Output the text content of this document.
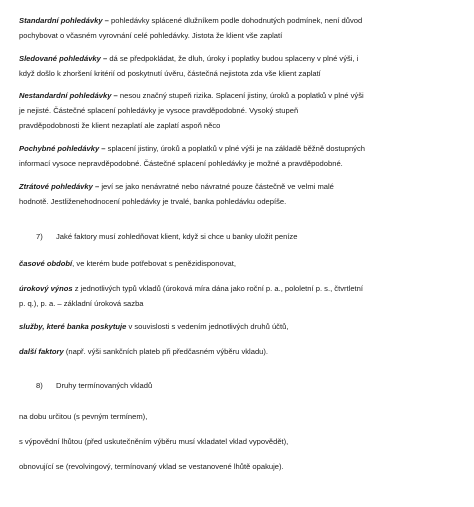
Standardní pohledávky – pohledávky splácené dlužníkem podle dohodnutých podmínek, není důvod
pochybovat o včasném vyrovnání celé pohledávky. Jistota že klient vše zaplatí

Sledované pohledávky – dá se předpokládat, že dluh, úroky i poplatky budou splaceny v plné výši, i
když došlo k zhoršení kritérií od poskytnutí úvěru, částečná nejistota zda vše klient zaplatí

Nestandardní pohledávky – nesou značný stupeň rizika. Splacení jistiny, úroků a poplatků v plné výši
je nejisté. Částečné splacení pohledávky je vysoce pravděpodobné. Vysoký stupeň
pravděpodobnosti že klient nezaplatí ale zaplatí aspoň něco

Pochybné pohledávky – splacení jistiny, úroků a poplatků v plné výši je na základě běžně dostupných
informací vysoce nepravděpodobné. Částečné splacení pohledávky je možné a pravděpodobné.

Ztrátové pohledávky – jeví se jako nenávratné nebo návratné pouze částečně ve velmi malé
hodnotě. Jestliženehodnocení pohledávky je trvalé, banka pohledávku odepíše.

7) Jaké faktory musí zohledňovat klient, když si chce u banky uložit peníze

časové období, ve kterém bude potřebovat s penězidisponovat,

úrokový výnos z jednotlivých typů vkladů (úroková míra dána jako roční p. a., pololetní p. s., čtvrtletní
p. q.), p. a. – základní úroková sazba

služby, které banka poskytuje v souvislosti s vedením jednotlivých druhů účtů,

další faktory (např. výši sankčních plateb při předčasném výběru vkladu).

8) Druhy termínovaných vkladů

na dobu určitou (s pevným termínem),

s výpovědní lhůtou (před uskutečněním výběru musí vkladatel vklad vypovědět),

obnovující se (revolvingový, termínovaný vklad se vestanovené lhůtě opakuje).
